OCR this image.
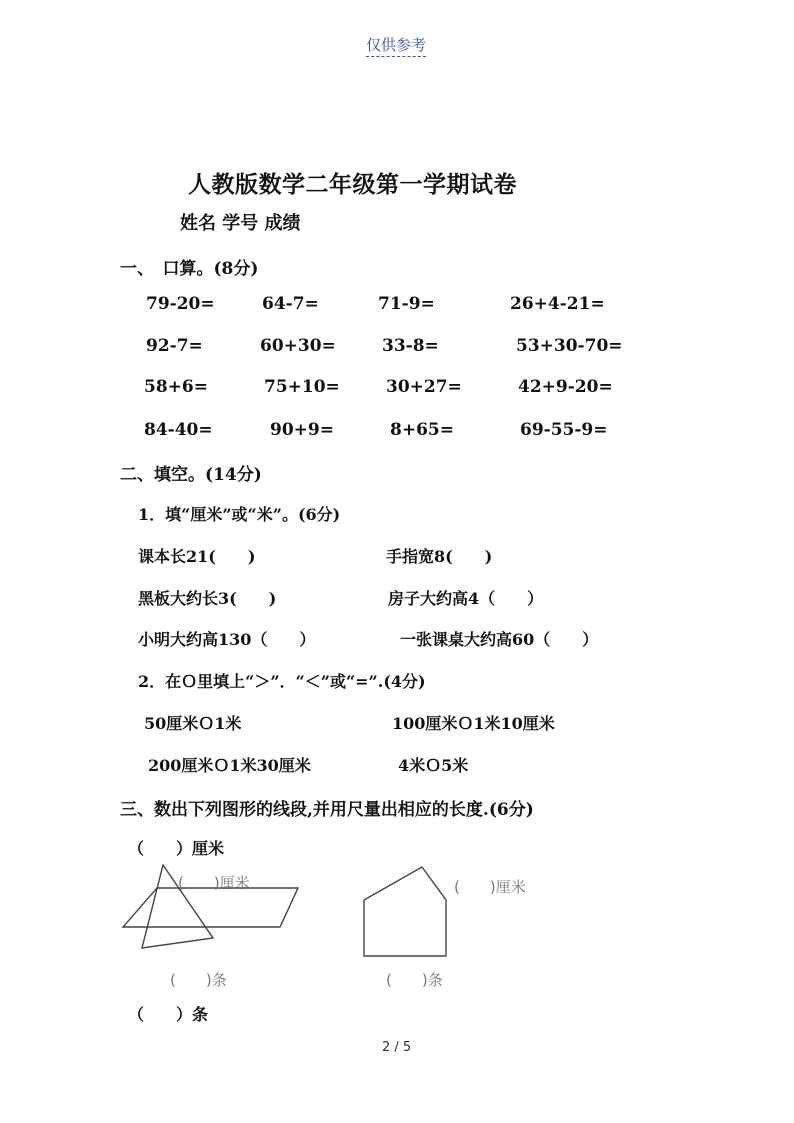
仅供参考
人教版数学二年级第一学期试卷
姓名 学号 成绩
一、　口算。(8分)
79-20=	64-7=	71-9=	26+4-21=
92-7=	60+30=	33-8=	53+30-70=
58+6=	75+10=	30+27=	42+9-20=
84-40=	90+9=	8+65=	69-55-9=
二、填空。(14分)
1．填“厘米”或“米”。(6分)
课本长21(　　)	手指宽8(　　)
黑板大约长3(　　)	房子大约高4（　　）
小明大约高130（　　）	一张课桌大约高60（　　）
2．在Ｏ里填上“＞”．“＜”或“=”.(4分)
50厘米Ｏ1米	100厘米Ｏ1米10厘米
200厘米Ｏ1米30厘米	4米Ｏ5米
三、数出下列图形的线段,并用尺量出相应的长度.(6分)
（　　）厘米
(　　)厘米
(　　)条
(　　)厘米
(　　)条
（　　）条
2 / 5
